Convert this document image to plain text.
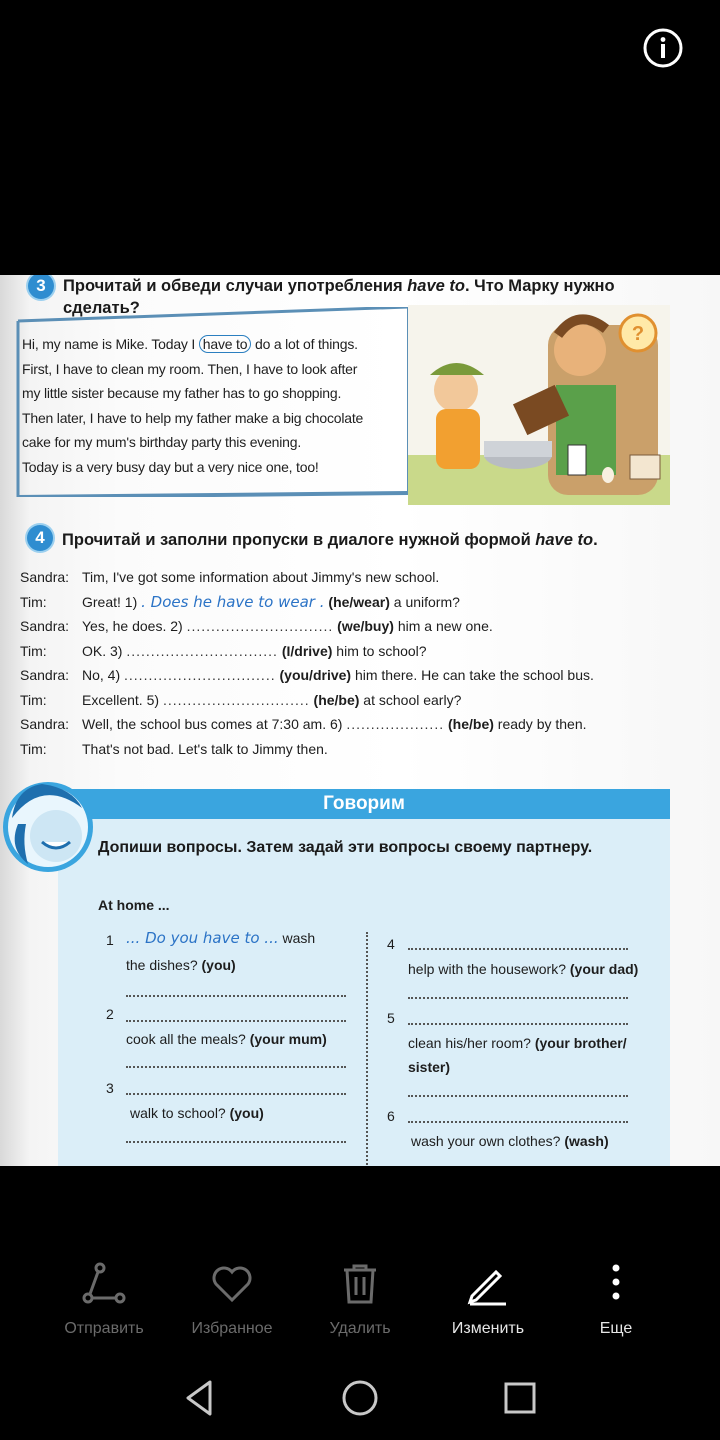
3	Прочитай и обведи случаи употребления have to. Что Марку нужно
сделать?
Hi, my name is Mike. Today I have to do a lot of things.
First, I have to clean my room. Then, I have to look after
my little sister because my father has to go shopping.
Then later, I have to help my father make a big chocolate
cake for my mum's birthday party this evening.
Today is a very busy day but a very nice one, too!
?
4	Прочитай и заполни пропуски в диалоге нужной формой have to.
Sandra: Tim, I've got some information about Jimmy's new school.
Tim:	Great! 1) . Does he have to wear . (he/wear) a uniform?
Sandra: Yes, he does. 2) .............................. (we/buy) him a new one.
Tim:	OK. 3) ............................... (I/drive) him to school?
Sandra: No, 4) ............................... (you/drive) him there. He can take the school bus.
Tim:	Excellent. 5) .............................. (he/be) at school early?
Sandra: Well, the school bus comes at 7:30 am. 6) .................... (he/be) ready by then.
Tim:	That's not bad. Let's talk to Jimmy then.
Говорим
Допиши вопросы. Затем задай эти вопросы своему партнеру.
At home ...
1 ... Do you have to ... wash
the dishes? (you)
2
cook all the meals? (your mum)
3
walk to school? (you)
4
help with the housework? (your dad)
5
clean his/her room? (your brother/
sister)
6
wash your own clothes? (wash)
Отправить	Избранное	Удалить	Изменить	Еще
